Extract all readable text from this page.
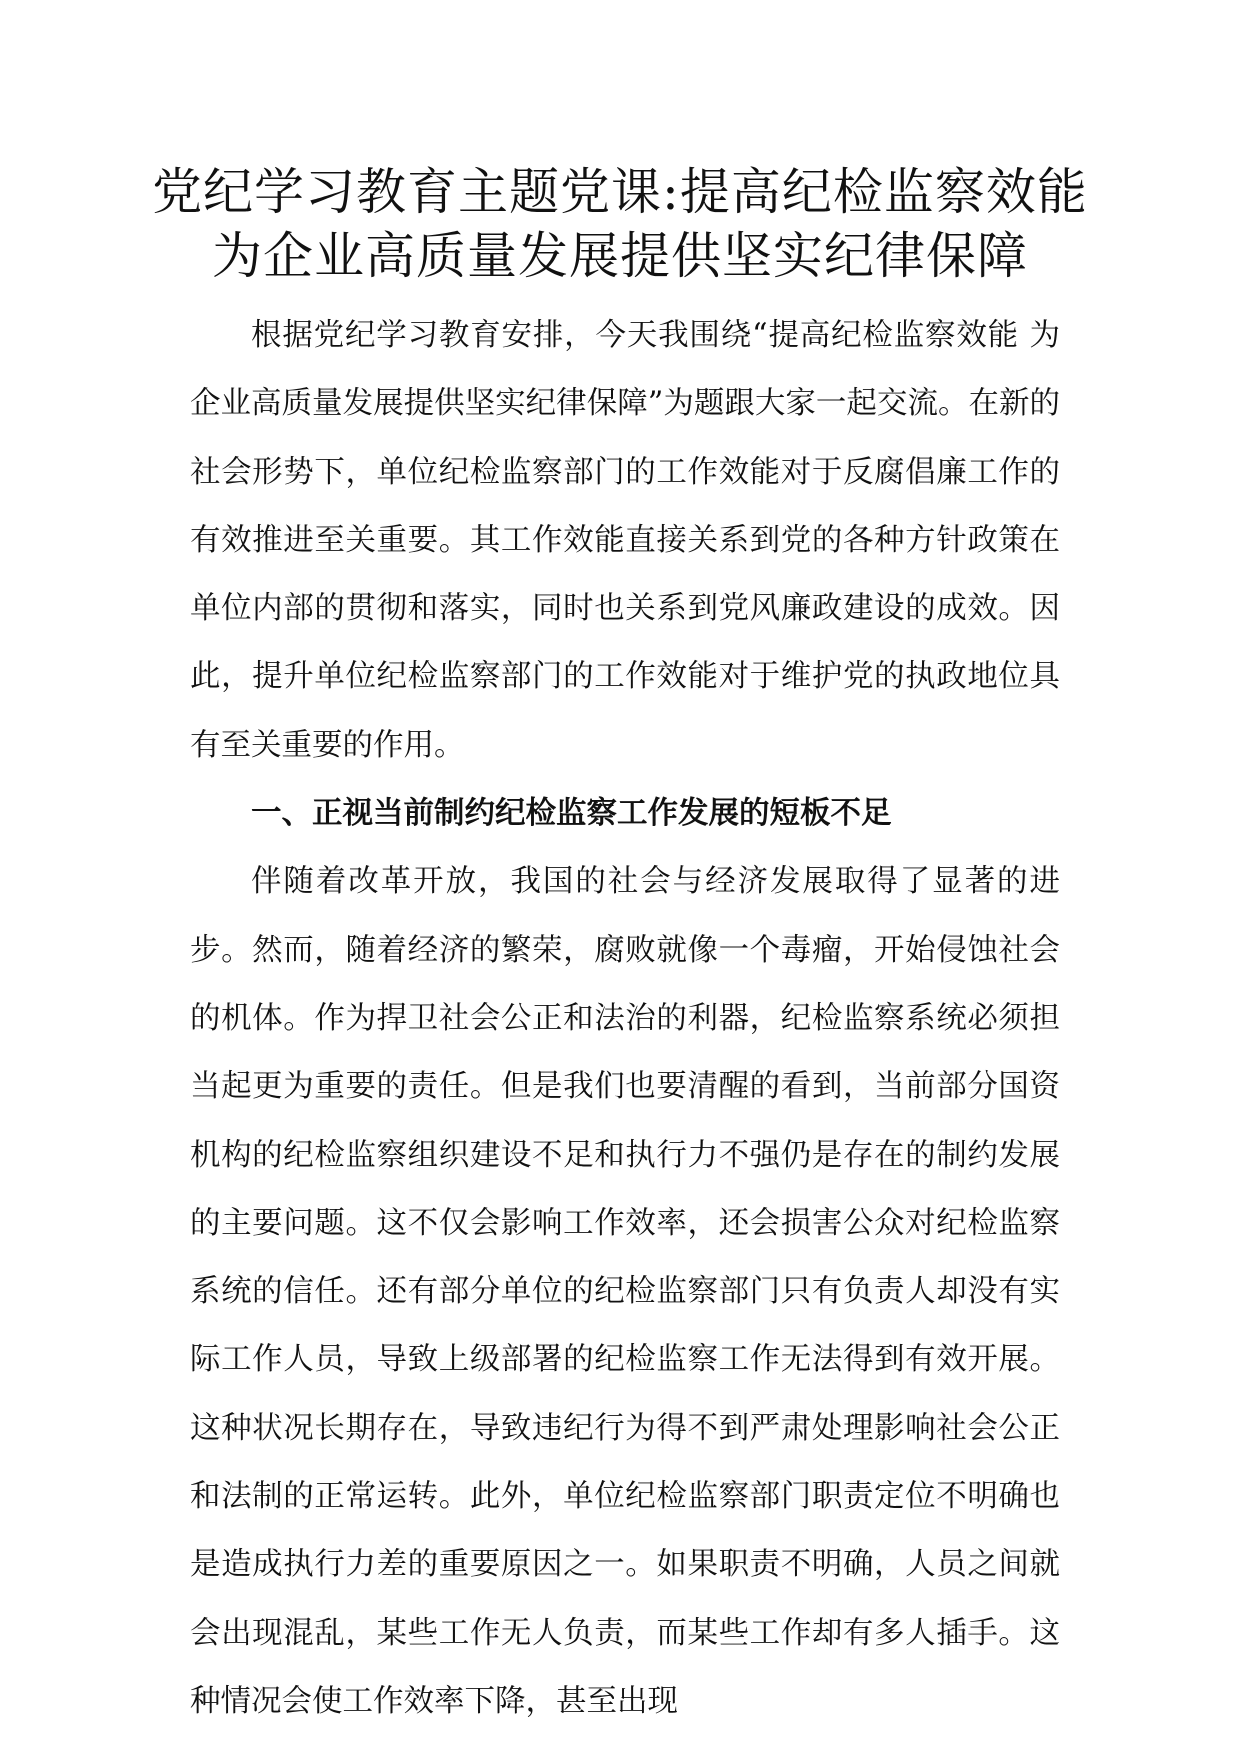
党纪学习教育主题党课:提高纪检监察效能
为企业高质量发展提供坚实纪律保障

根据党纪学习教育安排，今天我围绕“提高纪检监察效能 为企业高质量发展提供坚实纪律保障”为题跟大家一起交流。在新的社会形势下，单位纪检监察部门的工作效能对于反腐倡廉工作的有效推进至关重要。其工作效能直接关系到党的各种方针政策在单位内部的贯彻和落实，同时也关系到党风廉政建设的成效。因此，提升单位纪检监察部门的工作效能对于维护党的执政地位具有至关重要的作用。

一、正视当前制约纪检监察工作发展的短板不足

伴随着改革开放，我国的社会与经济发展取得了显著的进步。然而，随着经济的繁荣，腐败就像一个毒瘤，开始侵蚀社会的机体。作为捍卫社会公正和法治的利器，纪检监察系统必须担当起更为重要的责任。但是我们也要清醒的看到，当前部分国资机构的纪检监察组织建设不足和执行力不强仍是存在的制约发展的主要问题。这不仅会影响工作效率，还会损害公众对纪检监察系统的信任。还有部分单位的纪检监察部门只有负责人却没有实际工作人员，导致上级部署的纪检监察工作无法得到有效开展。这种状况长期存在，导致违纪行为得不到严肃处理影响社会公正和法制的正常运转。此外，单位纪检监察部门职责定位不明确也是造成执行力差的重要原因之一。如果职责不明确，人员之间就会出现混乱，某些工作无人负责，而某些工作却有多人插手。这种情况会使工作效率下降，甚至出现
